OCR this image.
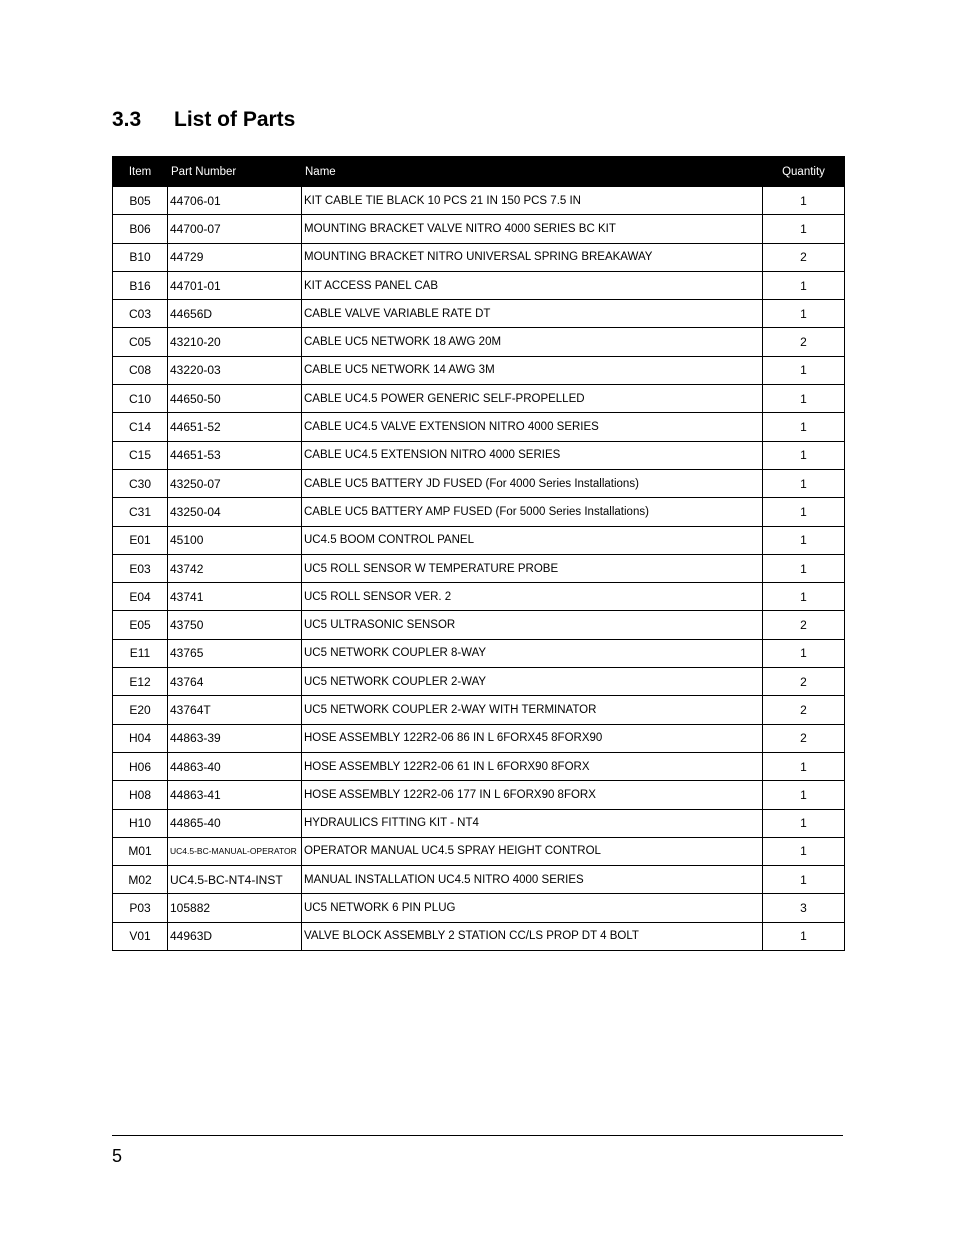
3.3 List of Parts
Item	Part Number	Name	Quantity
B05	44706-01	KIT CABLE TIE BLACK 10 PCS 21 IN 150 PCS 7.5 IN	1
B06	44700-07	MOUNTING BRACKET VALVE NITRO 4000 SERIES BC KIT	1
B10	44729	MOUNTING BRACKET NITRO UNIVERSAL SPRING BREAKAWAY	2
B16	44701-01	KIT ACCESS PANEL CAB	1
C03	44656D	CABLE VALVE VARIABLE RATE DT	1
C05	43210-20	CABLE UC5 NETWORK 18 AWG 20M	2
C08	43220-03	CABLE UC5 NETWORK 14 AWG 3M	1
C10	44650-50	CABLE UC4.5 POWER GENERIC SELF-PROPELLED	1
C14	44651-52	CABLE UC4.5 VALVE EXTENSION NITRO 4000 SERIES	1
C15	44651-53	CABLE UC4.5 EXTENSION NITRO 4000 SERIES	1
C30	43250-07	CABLE UC5 BATTERY JD FUSED (For 4000 Series Installations)	1
C31	43250-04	CABLE UC5 BATTERY AMP FUSED (For 5000 Series Installations)	1
E01	45100	UC4.5 BOOM CONTROL PANEL	1
E03	43742	UC5 ROLL SENSOR W TEMPERATURE PROBE	1
E04	43741	UC5 ROLL SENSOR VER. 2	1
E05	43750	UC5 ULTRASONIC SENSOR	2
E11	43765	UC5 NETWORK COUPLER 8-WAY	1
E12	43764	UC5 NETWORK COUPLER 2-WAY	2
E20	43764T	UC5 NETWORK COUPLER 2-WAY WITH TERMINATOR	2
H04	44863-39	HOSE ASSEMBLY 122R2-06 86 IN L 6FORX45 8FORX90	2
H06	44863-40	HOSE ASSEMBLY 122R2-06 61 IN L 6FORX90 8FORX	1
H08	44863-41	HOSE ASSEMBLY 122R2-06 177 IN L 6FORX90 8FORX	1
H10	44865-40	HYDRAULICS FITTING KIT - NT4	1
M01	UC4.5-BC-MANUAL-OPERATOR	OPERATOR MANUAL UC4.5 SPRAY HEIGHT CONTROL	1
M02	UC4.5-BC-NT4-INST	MANUAL INSTALLATION UC4.5 NITRO 4000 SERIES	1
P03	105882	UC5 NETWORK 6 PIN PLUG	3
V01	44963D	VALVE BLOCK ASSEMBLY 2 STATION CC/LS PROP DT 4 BOLT	1
5
